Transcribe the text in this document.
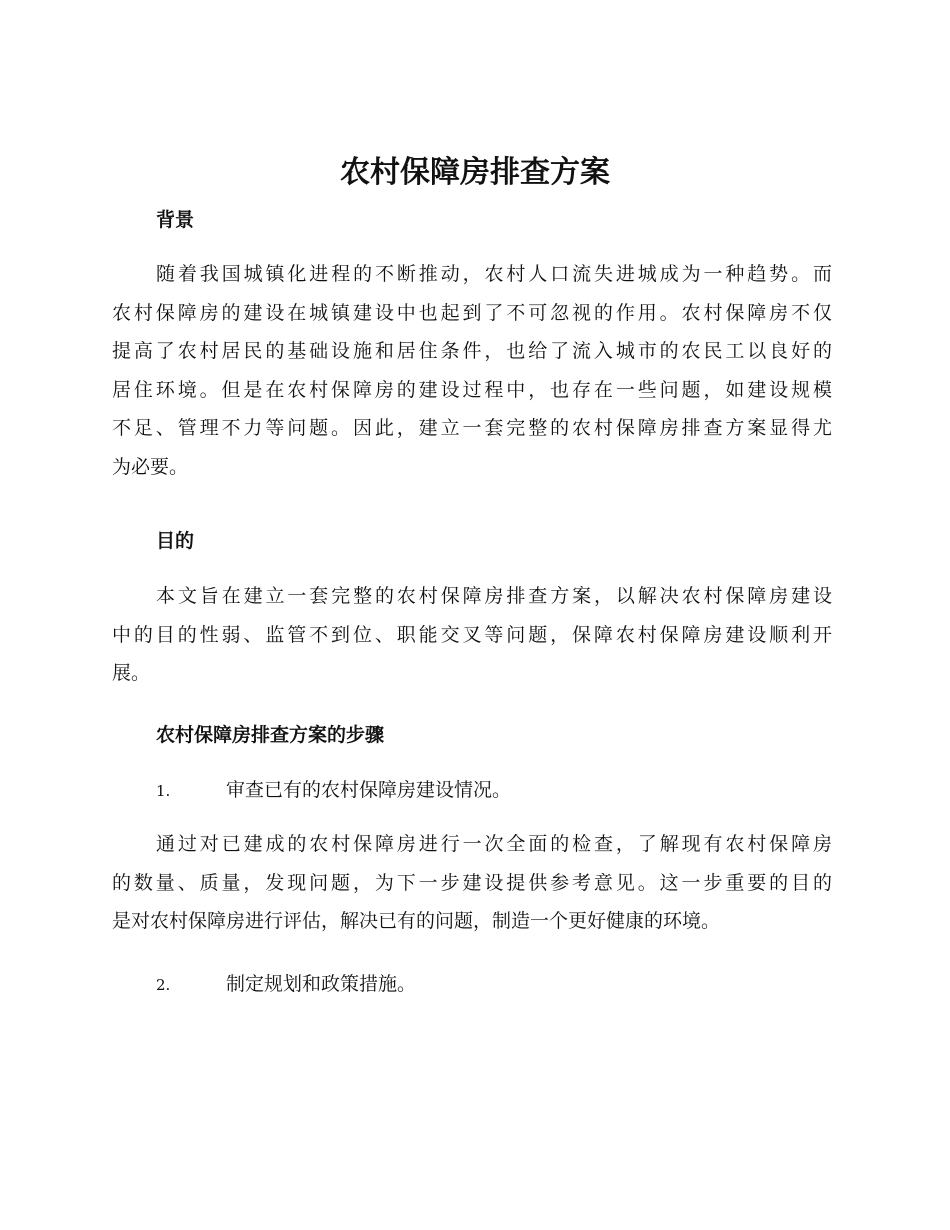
农村保障房排查方案
背景
随着我国城镇化进程的不断推动，农村人口流失进城成为一种趋势。而
农村保障房的建设在城镇建设中也起到了不可忽视的作用。农村保障房不仅
提高了农村居民的基础设施和居住条件，也给了流入城市的农民工以良好的
居住环境。但是在农村保障房的建设过程中，也存在一些问题，如建设规模
不足、管理不力等问题。因此，建立一套完整的农村保障房排查方案显得尤
为必要。
目的
本文旨在建立一套完整的农村保障房排查方案，以解决农村保障房建设
中的目的性弱、监管不到位、职能交叉等问题，保障农村保障房建设顺利开
展。
农村保障房排查方案的步骤
1.	审查已有的农村保障房建设情况。
通过对已建成的农村保障房进行一次全面的检查，了解现有农村保障房
的数量、质量，发现问题，为下一步建设提供参考意见。这一步重要的目的
是对农村保障房进行评估，解决已有的问题，制造一个更好健康的环境。
2.	制定规划和政策措施。
